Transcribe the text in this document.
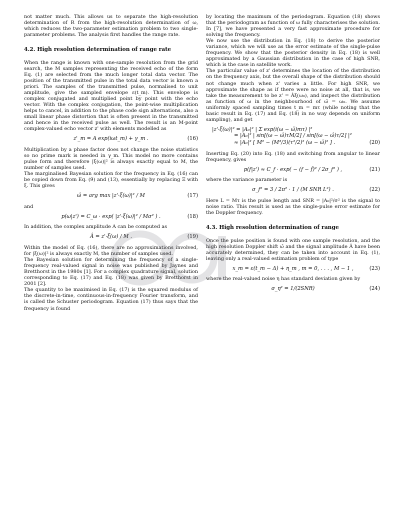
not matter much. This allows us to separate the high-resolution determination of R from the high-resolution determination of ω, which reduces the two-parameter estimation problem to two single-parameter problems. The analysis first handles the range rate.

4.2. High resolution determination of range rate

When the range is known with one-sample resolution from the grid search, the M samples representing the received echo of the form Eq. (1) are selected from the much longer total data vector. The position of the transmitted pulse in the total data vector is known a priori. The samples of the transmitted pulse, normalised to unit amplitude, give the sampled envelope ε(t_m). This envelope is complex conjugated and multiplied point by point with the echo vector. With the complex conjugation, the point-wise multiplication helps to cancel, in addition to the phase code sign alternations, also a small linear phase distortion that is often present in the transmitted and hence in the received pulse as well. The result is an M-point complex-valued echo vector z' with elements modelled as

z'_m = A exp(iωt_m) + γ_m .	(16)

Multiplication by a phase factor does not change the noise statistics so no prime mark is needed in γ_m. This model no more contains pulse form and therefore |ξ(ω)|² is always exactly equal to M, the number of samples used.

The marginalised Bayesian solution for the frequency in Eq. (16) can be copied down from Eq. (9) and (13), essentially by replacing Ξ with ξ. This gives

ω̂ = arg max |z'·ξ(ω)|² / M	(17)

and

p(ω|z') = C_ω · exp( |z'·ξ(ω)|² / Mσ² ) .	(18)

In addition, the complex amplitude A can be computed as

Â = z'·ξ(ω) / M .	(19)

Within the model of Eq. (16), there are no approximations involved, for |ξ(ω)|² is always exactly M, the number of samples used.

The Bayesian solution for determining the frequency of a single-frequency real-valued signal in noise was published by Jaynes and Bretthorst in the 1980s [1]. For a complex quadrature signal, solution corresponding to Eq. (17) and Eq. (18) was given by Bretthorst in 2001 [2].

The quantity to be maximised in Eq. (17) is the squared modulus of the discrete-in-time, continuous-in-frequency Fourier transform, and is called the Schuster periodogram. Equation (17) thus says that the frequency is found

by locating the maximum of the periodogram. Equation (18) shows that the periodogram as function of ω fully characterises the solution. In [7], we have presented a very fast approximate procedure for solving the frequency.

We now use the distribution in Eq. (18) to derive the posterior variance, which we will use as the error estimate of the single-pulse frequency. We show that the posterior density in Eq. (18) is well approximated by a Gaussian distribution in the case of high SNR, which is the case in satellite work.

The particular value of z' determines the location of the distribution on the frequency axis, but the overall shape of the distribution should not change much when z' varies a little. For high SNR, we approximate the shape as if there were no noise at all, that is, we take the measurement to be z' = Âξ(ω₀), and inspect the distribution as function of ω in the neighbourhood of ω̂ = ω₀. We assume uniformly spaced sampling times t_m = mτ (while noting that the basic result in Eq. (17) and Eq. (18) in no way depends on uniform sampling), and get

|z'·ξ(ω)|² = |A₀|² | Σ exp(i(ω − ω̂)mτ) |²
= |A₀|² | sin[(ω − ω̂)τM/2] / sin[(ω − ω̂)τ/2] |²
≈ |A₀|² [ M² − (M³/3)(τ²/2)² (ω − ω̂)² ] .	(20)

Inserting Eq. (20) into Eq. (18) and switching from angular to linear frequency, gives

p(f|z') ≈ C_f · exp( − (f − f̂)² / 2σ_f² ) ,	(21)

where the variance parameter is

σ_f² = 3 / 2π² · 1 / (M SNR L²) .	(22)

Here L = Mτ is the pulse length and SNR = |A₀|²/σ² is the signal to noise ratio. This result is used as the single-pulse error estimate for the Doppler frequency.

4.3. High resolution determination of range

Once the pulse position is found with one sample resolution, and the high resolution Doppler shift ω̂ and the signal amplitude Â have been accurately determined, they can be taken into account in Eq. (1), leaving only a real-valued estimation problem of type

x_m = ε(t_m − Δ) + η_m , m = 0, . . . , M − 1 ,	(23)

where the real-valued noise η has standard deviation given by

σ_η² = 1/(2SNR)	(24)
